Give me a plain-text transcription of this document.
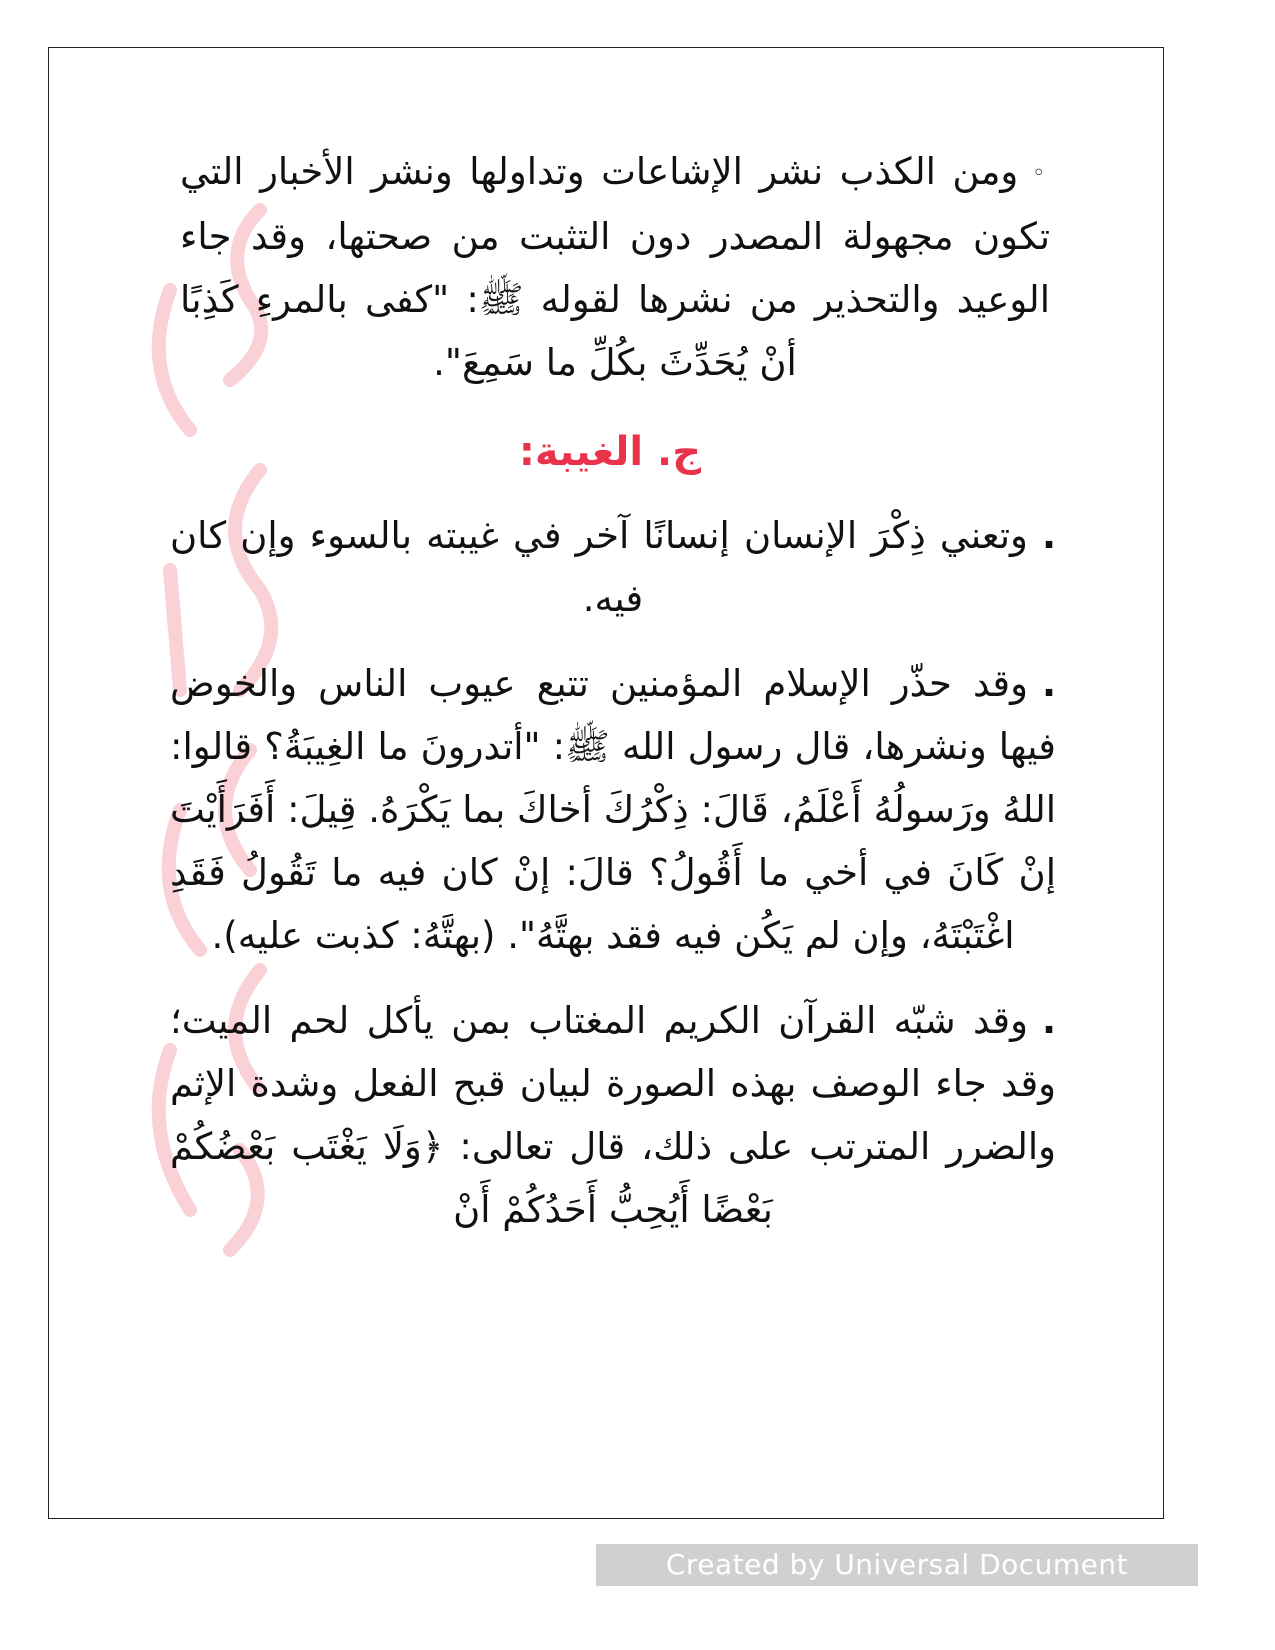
◦ومن الكذب نشر الإشاعات وتداولها ونشر الأخبار التي تكون مجهولة المصدر دون التثبت من صحتها، وقد جاء الوعيد والتحذير من نشرها لقوله ﷺ: "كفى بالمرءِ كَذِبًا أنْ يُحَدِّثَ بكُلِّ ما سَمِعَ".

ج. الغيبة:

.وتعني ذِكْرَ الإنسان إنسانًا آخر في غيبته بالسوء وإن كان فيه.

.وقد حذّر الإسلام المؤمنين تتبع عيوب الناس والخوض فيها ونشرها، قال رسول الله ﷺ: "أتدرونَ ما الغِيبَةُ؟ قالوا: اللهُ ورَسولُهُ أَعْلَمُ، قَالَ: ذِكْرُكَ أخاكَ بما يَكْرَهُ. قِيلَ: أَفَرَأَيْتَ إنْ كَانَ في أخي ما أَقُولُ؟ قالَ: إنْ كان فيه ما تَقُولُ فَقَدِ اغْتَبْتَهُ، وإن لم يَكُن فيه فقد بهتَّهُ". (بهتَّهُ: كذبت عليه).

.وقد شبّه القرآن الكريم المغتاب بمن يأكل لحم الميت؛ وقد جاء الوصف بهذه الصورة لبيان قبح الفعل وشدة الإثم والضرر المترتب على ذلك، قال تعالى: ﴿وَلَا يَغْتَب بَعْضُكُمْ بَعْضًا أَيُحِبُّ أَحَدُكُمْ أَنْ

Created by Universal Document Converter
